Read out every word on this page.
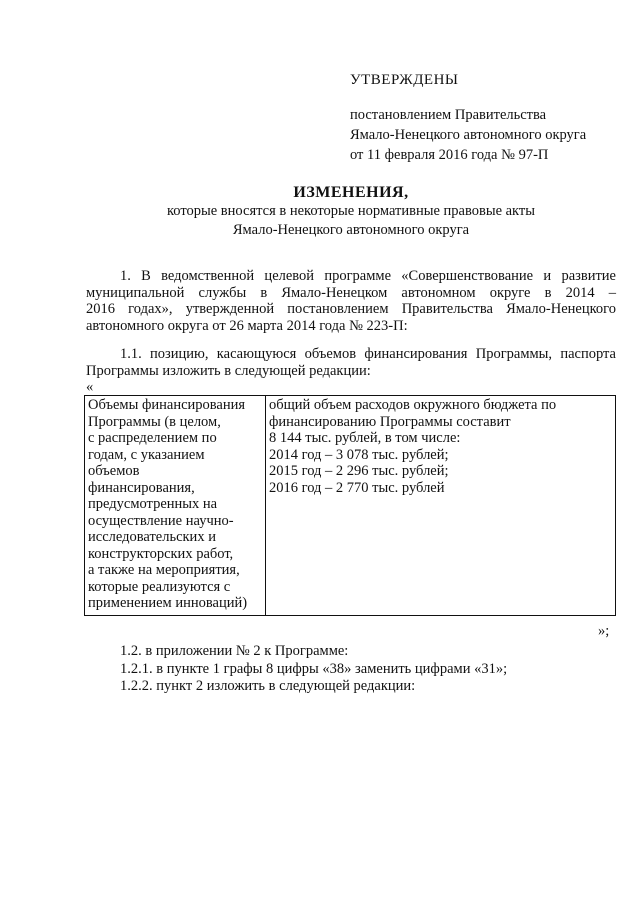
УТВЕРЖДЕНЫ
постановлением Правительства
Ямало-Ненецкого автономного округа
от 11 февраля 2016 года № 97-П
ИЗМЕНЕНИЯ,
которые вносятся в некоторые нормативные правовые акты
Ямало-Ненецкого автономного округа
1. В ведомственной целевой программе «Совершенствование и развитие
муниципальной службы в Ямало-Ненецком автономном округе в 2014 –
2016 годах», утвержденной постановлением Правительства Ямало-Ненецкого
автономного округа от 26 марта 2014 года № 223-П:
1.1. позицию, касающуюся объемов финансирования Программы, паспорта
Программы изложить в следующей редакции:
«
Объемы финансирования
Программы (в целом,
с распределением по
годам, с указанием
объемов
финансирования,
предусмотренных на
осуществление научно-
исследовательских и
конструкторских работ,
а также на мероприятия,
которые реализуются с
применением инноваций)

общий объем расходов окружного бюджета по
финансированию Программы составит
8 144 тыс. рублей, в том числе:
2014 год – 3 078 тыс. рублей;
2015 год – 2 296 тыс. рублей;
2016 год – 2 770 тыс. рублей
»;
1.2. в приложении № 2 к Программе:
1.2.1. в пункте 1 графы 8 цифры «38» заменить цифрами «31»;
1.2.2. пункт 2 изложить в следующей редакции:
